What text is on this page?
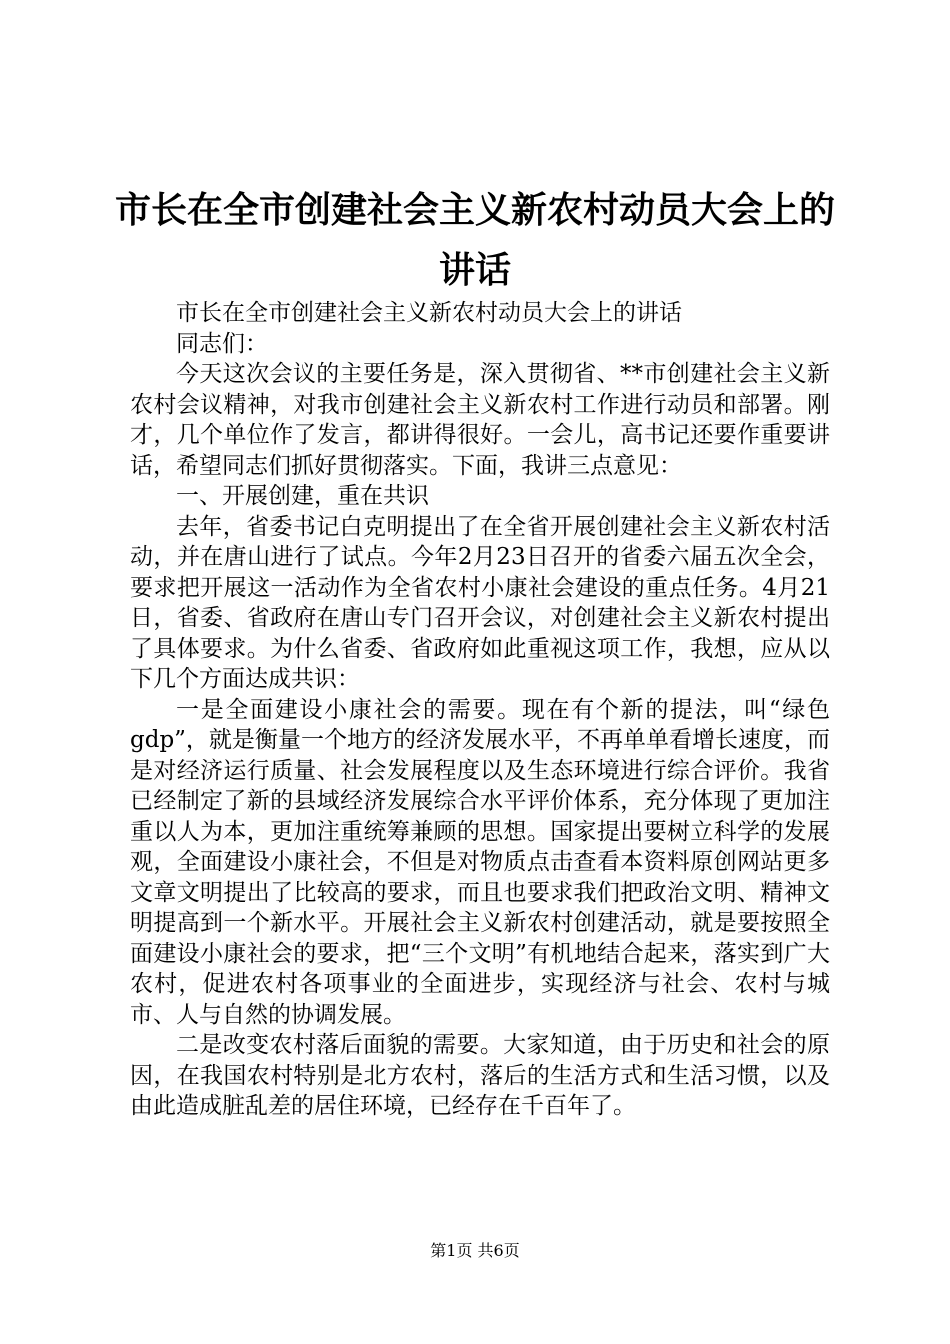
市长在全市创建社会主义新农村动员大会上的
讲话

市长在全市创建社会主义新农村动员大会上的讲话

同志们：

今天这次会议的主要任务是，深入贯彻省、**市创建社会主义新农村会议精神，对我市创建社会主义新农村工作进行动员和部署。刚才，几个单位作了发言，都讲得很好。一会儿，高书记还要作重要讲话，希望同志们抓好贯彻落实。下面，我讲三点意见：

一、开展创建，重在共识

去年，省委书记白克明提出了在全省开展创建社会主义新农村活动，并在唐山进行了试点。今年2月23日召开的省委六届五次全会，要求把开展这一活动作为全省农村小康社会建设的重点任务。4月21日，省委、省政府在唐山专门召开会议，对创建社会主义新农村提出了具体要求。为什么省委、省政府如此重视这项工作，我想，应从以下几个方面达成共识：

一是全面建设小康社会的需要。现在有个新的提法，叫“绿色gdp”，就是衡量一个地方的经济发展水平，不再单单看增长速度，而是对经济运行质量、社会发展程度以及生态环境进行综合评价。我省已经制定了新的县域经济发展综合水平评价体系，充分体现了更加注重以人为本，更加注重统筹兼顾的思想。国家提出要树立科学的发展观，全面建设小康社会，不但是对物质点击查看本资料原创网站更多文章文明提出了比较高的要求，而且也要求我们把政治文明、精神文明提高到一个新水平。开展社会主义新农村创建活动，就是要按照全面建设小康社会的要求，把“三个文明”有机地结合起来，落实到广大农村，促进农村各项事业的全面进步，实现经济与社会、农村与城市、人与自然的协调发展。

二是改变农村落后面貌的需要。大家知道，由于历史和社会的原因，在我国农村特别是北方农村，落后的生活方式和生活习惯，以及由此造成脏乱差的居住环境，已经存在千百年了。

第1页 共6页
